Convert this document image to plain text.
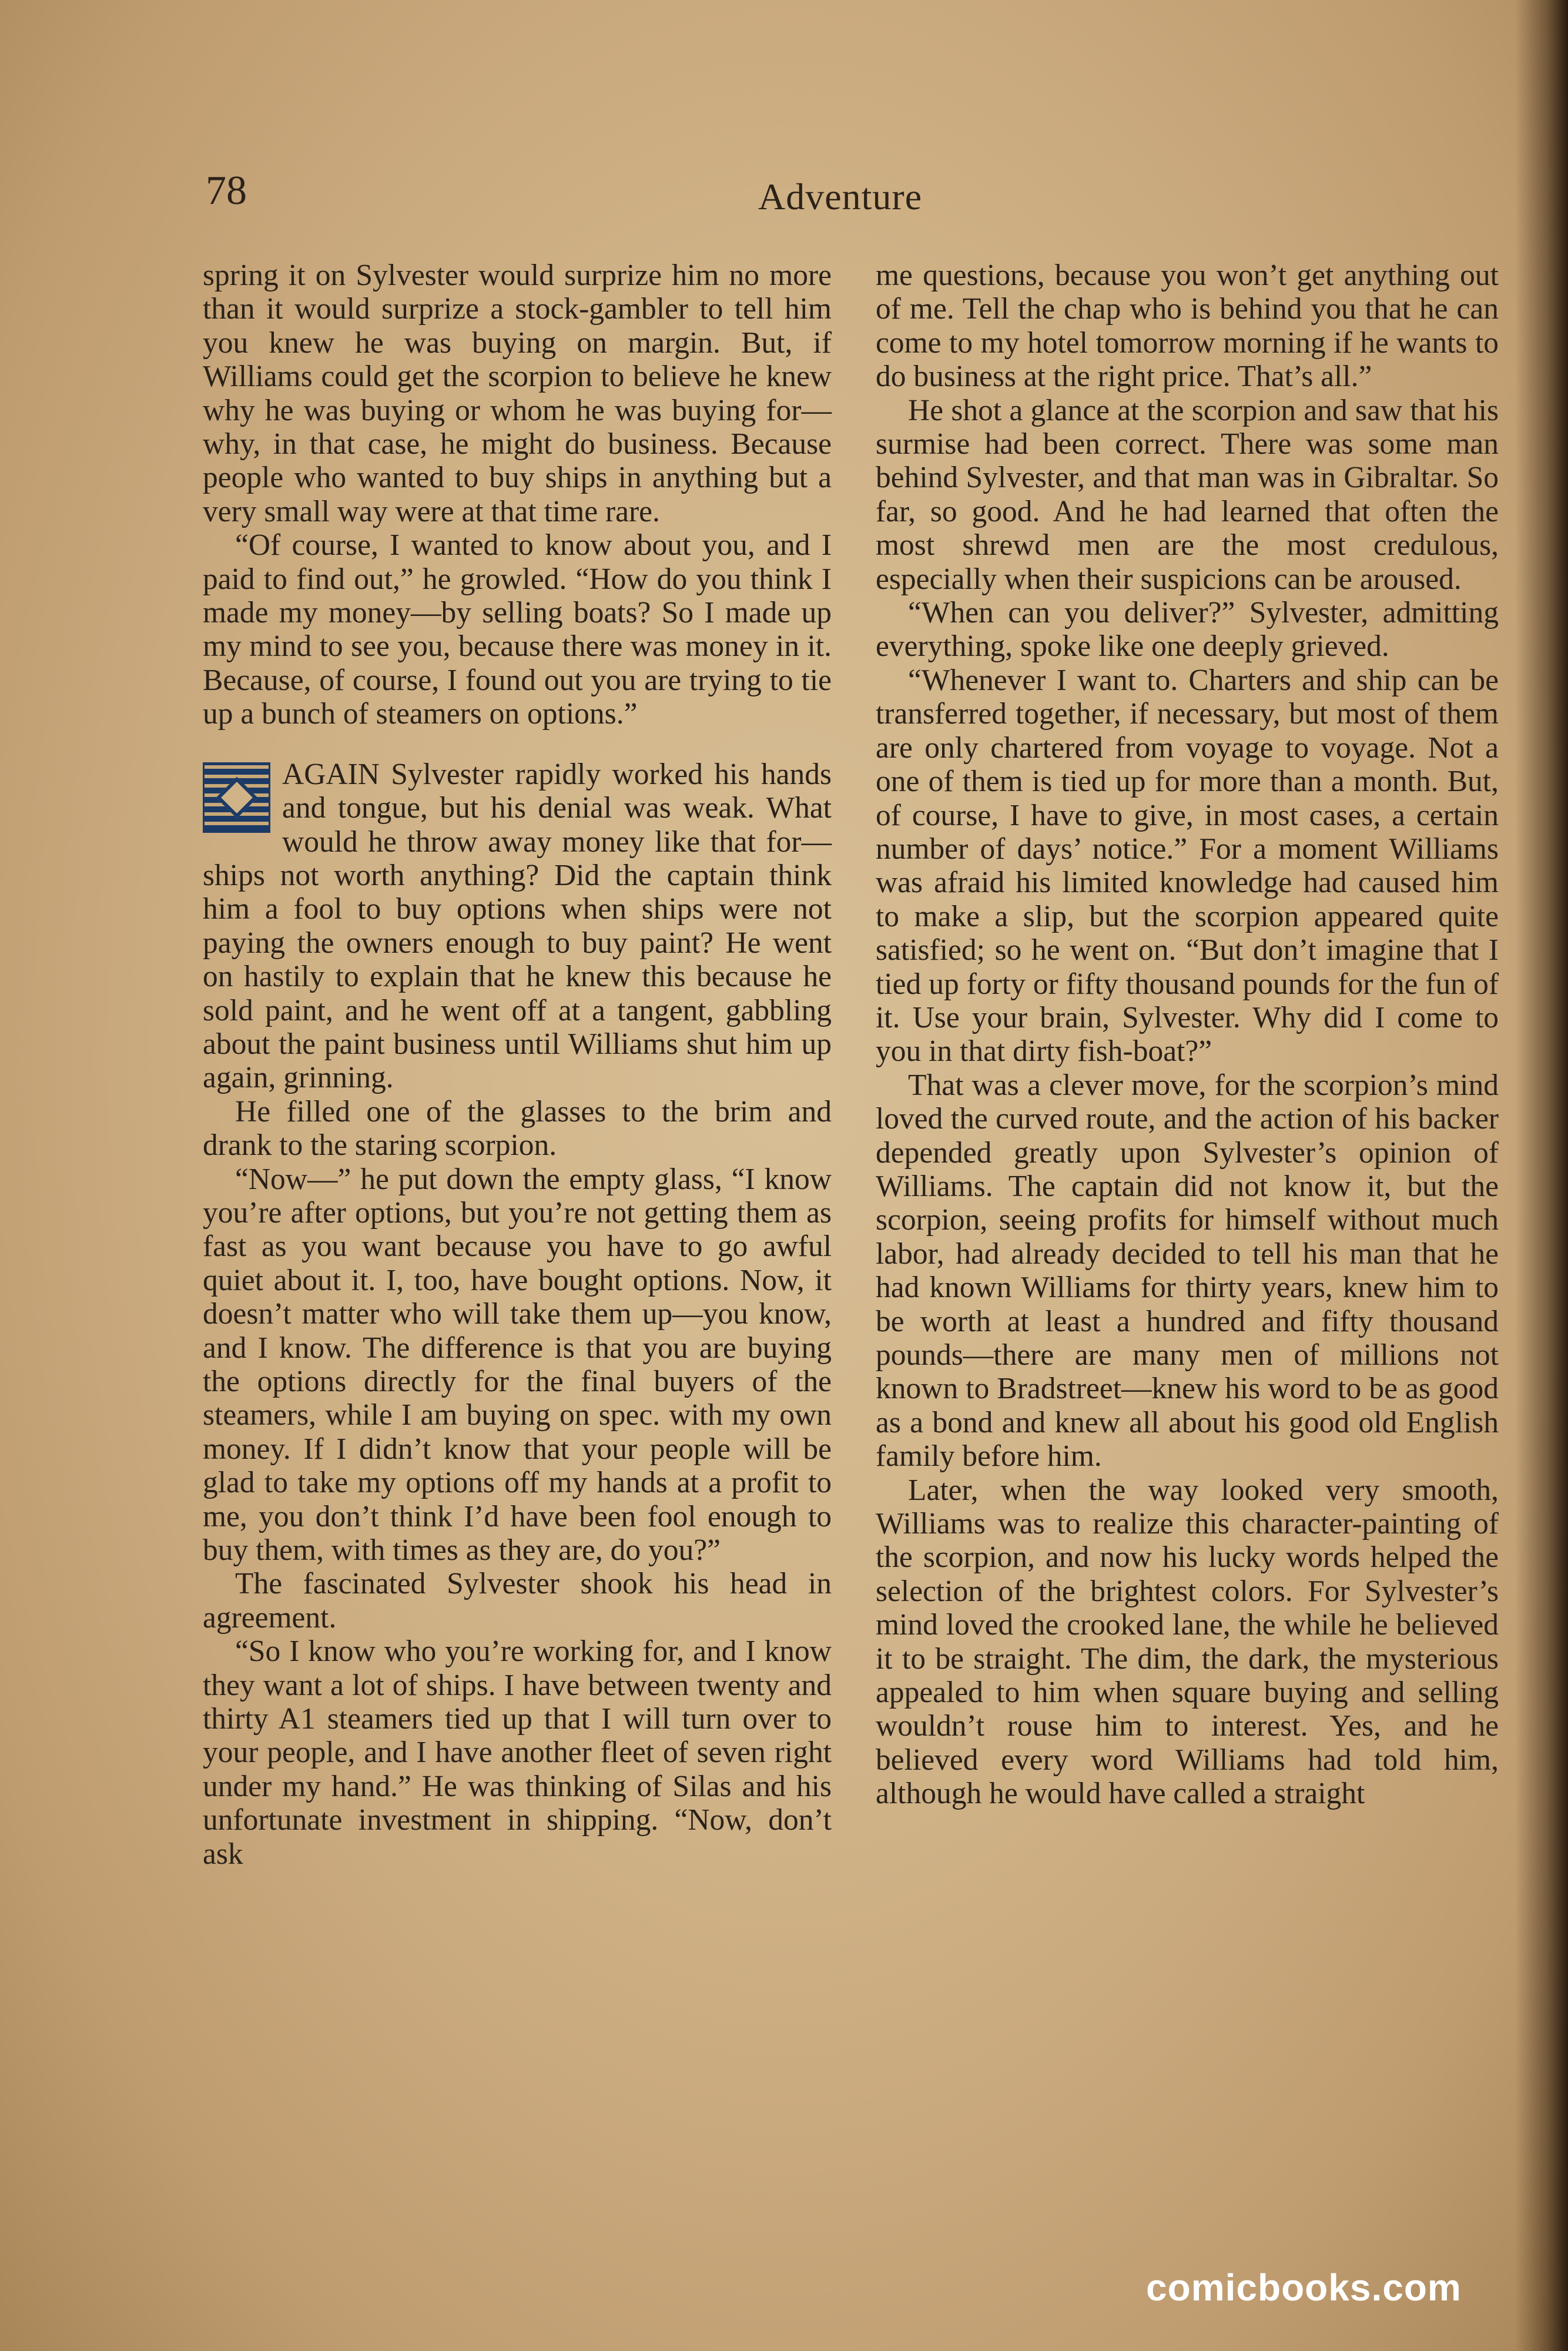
78	Adventure

spring it on Sylvester would surprize him no more than it would surprize a stock-gambler to tell him you knew he was buying on margin. But, if Williams could get the scorpion to believe he knew why he was buying or whom he was buying for—why, in that case, he might do business. Because people who wanted to buy ships in anything but a very small way were at that time rare.

“Of course, I wanted to know about you, and I paid to find out,” he growled. “How do you think I made my money—by selling boats? So I made up my mind to see you, because there was money in it. Because, of course, I found out you are trying to tie up a bunch of steamers on options.”

AGAIN Sylvester rapidly worked his hands and tongue, but his denial was weak. What would he throw away money like that for—ships not worth anything? Did the captain think him a fool to buy options when ships were not paying the owners enough to buy paint? He went on hastily to explain that he knew this because he sold paint, and he went off at a tangent, gabbling about the paint business until Williams shut him up again, grinning.

He filled one of the glasses to the brim and drank to the staring scorpion.

“Now—” he put down the empty glass, “I know you’re after options, but you’re not getting them as fast as you want because you have to go awful quiet about it. I, too, have bought options. Now, it doesn’t matter who will take them up—you know, and I know. The difference is that you are buying the options directly for the final buyers of the steamers, while I am buying on spec. with my own money. If I didn’t know that your people will be glad to take my options off my hands at a profit to me, you don’t think I’d have been fool enough to buy them, with times as they are, do you?”

The fascinated Sylvester shook his head in agreement.

“So I know who you’re working for, and I know they want a lot of ships. I have between twenty and thirty A1 steamers tied up that I will turn over to your people, and I have another fleet of seven right under my hand.” He was thinking of Silas and his unfortunate investment in shipping. “Now, don’t ask

me questions, because you won’t get anything out of me. Tell the chap who is behind you that he can come to my hotel tomorrow morning if he wants to do business at the right price. That’s all.”

He shot a glance at the scorpion and saw that his surmise had been correct. There was some man behind Sylvester, and that man was in Gibraltar. So far, so good. And he had learned that often the most shrewd men are the most credulous, especially when their suspicions can be aroused.

“When can you deliver?” Sylvester, admitting everything, spoke like one deeply grieved.

“Whenever I want to. Charters and ship can be transferred together, if necessary, but most of them are only chartered from voyage to voyage. Not a one of them is tied up for more than a month. But, of course, I have to give, in most cases, a certain number of days’ notice.” For a moment Williams was afraid his limited knowledge had caused him to make a slip, but the scorpion appeared quite satisfied; so he went on. “But don’t imagine that I tied up forty or fifty thousand pounds for the fun of it. Use your brain, Sylvester. Why did I come to you in that dirty fish-boat?”

That was a clever move, for the scorpion’s mind loved the curved route, and the action of his backer depended greatly upon Sylvester’s opinion of Williams. The captain did not know it, but the scorpion, seeing profits for himself without much labor, had already decided to tell his man that he had known Williams for thirty years, knew him to be worth at least a hundred and fifty thousand pounds—there are many men of millions not known to Bradstreet—knew his word to be as good as a bond and knew all about his good old English family before him.

Later, when the way looked very smooth, Williams was to realize this character-painting of the scorpion, and now his lucky words helped the selection of the brightest colors. For Sylvester’s mind loved the crooked lane, the while he believed it to be straight. The dim, the dark, the mysterious appealed to him when square buying and selling wouldn’t rouse him to interest. Yes, and he believed every word Williams had told him, although he would have called a straight

comicbooks.com
